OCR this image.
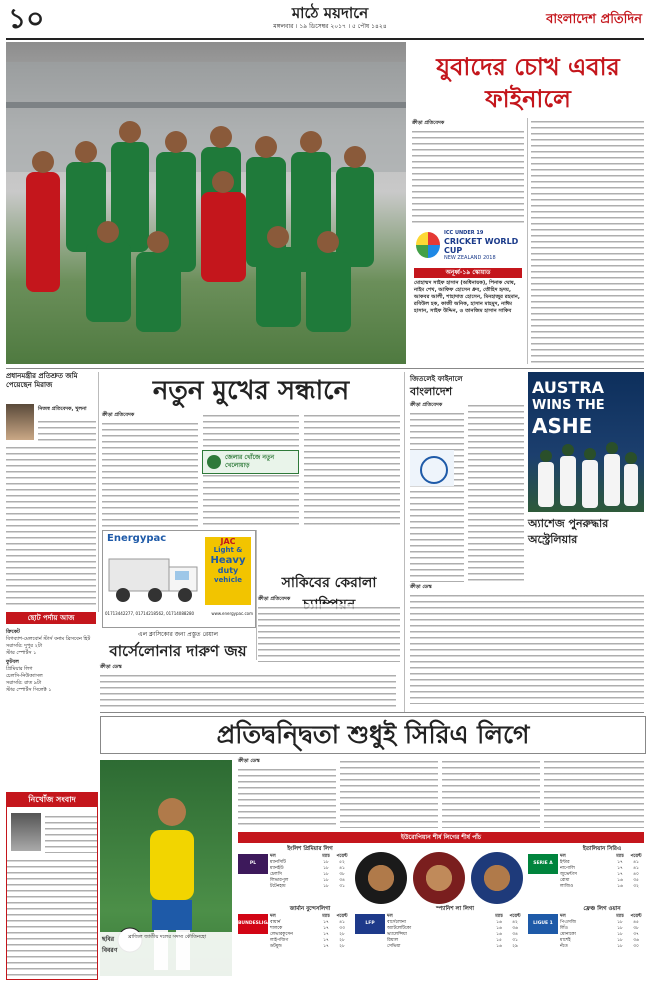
১০	মাঠে ময়দানে
মঙ্গলবার । ১৯ ডিসেম্বর ২০১৭ । ৫ পৌষ ১৪২৪	বাংলাদেশ প্রতিদিন
যুবাদের চোখ এবার
ফাইনালে
ক্রীড়া প্রতিবেদক
ICC UNDER 19
CRICKET WORLD CUP
NEW ZEALAND 2018
অনূর্ধ্ব-১৯ স্কোয়াড
মোহাম্মদ সাইফ হাসান (অধিনায়ক), পিনাক ঘোষ, নাইম শেখ, আফিফ হোসেন ধ্রুব, তৌহিদ হৃদয়, আকবর আলী, শাহাদাত হোসেন, মিনহাজুর রহমান, রবিউল হক, কাজী অনিক, হাসান মাহমুদ, নাঈম হাসান, সাইফ উদ্দিন, ও তানজিম হাসান সাকিব
প্রধানমন্ত্রীর প্রতিশ্রুত জমি পেয়েছেন মিরাজ
নিজস্ব প্রতিবেদক, খুলনা
নতুন মুখের সন্ধানে
ক্রীড়া প্রতিবেদক
জেলার খোঁজে নতুন খেলোয়াড়
Energypac	JAC
Light &
Heavy
duty
vehicle
01713442277, 01714218562, 01714088280	www.energypac.com
এল ক্লাসিকোর জন্য প্রস্তুত রেয়াল
বার্সেলোনার দারুণ জয়
ক্রীড়া ডেস্ক
সাকিবের কেরালা
ক্রীড়া প্রতিবেদক
ছোট পর্দায় আজ
ক্রিকেট
বিগব্যাশ-মেলবোর্ন স্টার্স বনাম ব্রিসবেন হিট
সরাসরি: দুপুর ২টা
স্টার স্পোর্টস ১
ফুটবল
প্রিমিয়ার লিগ
চেলসি-নিউক্যাসল
সরাসরি: রাত ৯টা
স্টার স্পোর্টস সিলেক্ট ১
নিখোঁজ সংবাদ
জিতলেই ফাইনালে
বাংলাদেশ
ক্রীড়া প্রতিবেদক
AUSTRA
WINS THE
ASHE
অ্যাশেজ পুনরুদ্ধার অস্ট্রেলিয়ার
ক্রীড়া ডেস্ক
প্রতিদ্বন্দ্বিতা শুধুই সিরিএ লিগে
ছবির বিবরণ
ব্রাজিল জাতীয় দলের সদস্য কৌতিনহো
ক্রীড়া ডেস্ক
ইউরোপিয়ান শীর্ষ লিগের শীর্ষ পাঁচ
PL
ইংলিশ প্রিমিয়ার লিগ
দল	ম্যাচ	পয়েন্ট
ম্যানসিটি	১৮	৫২
ম্যানইউ	১৮	৪১
চেলসি	১৮	৩৮
লিভারপুল	১৮	৩৪
টটেনহাম	১৮	৩১
BUNDESLIGA
জার্মান বুন্দেসলিগা
দল	ম্যাচ	পয়েন্ট
বায়ার্ন	১৭	৪১
শালকে	১৭	৩৩
লেভারকুসেন	১৭	২৮
লাইপজিগ	১৭	২৮
ডর্টমুন্ড	১৭	২৮
LFP
স্প্যানিশ লা লিগা
দল	ম্যাচ	পয়েন্ট
বার্সেলোনা	১৬	৪২
অ্যাটলেটিকো	১৬	৩৬
ভ্যালেন্সিয়া	১৬	৩৪
রিয়াল	১৫	৩১
সেভিয়া	১৬	২৯
LIGUE 1
ফ্রেঞ্চ লিগ ওয়ান
দল	ম্যাচ	পয়েন্ট
পিএসজি	১৮	৪৫
লিঁও	১৮	৩৮
মোনাকো	১৮	৩৭
মার্শেই	১৮	৩৬
নঁতে	১৮	৩০
SERIE A
ইতালিয়ান সিরিএ
দল	ম্যাচ	পয়েন্ট
ইন্টার	১৭	৪১
নাপোলি	১৭	৪১
জুভেন্টাস	১৭	৪০
রোমা	১৬	৩৫
লাজিও	১৬	৩২
